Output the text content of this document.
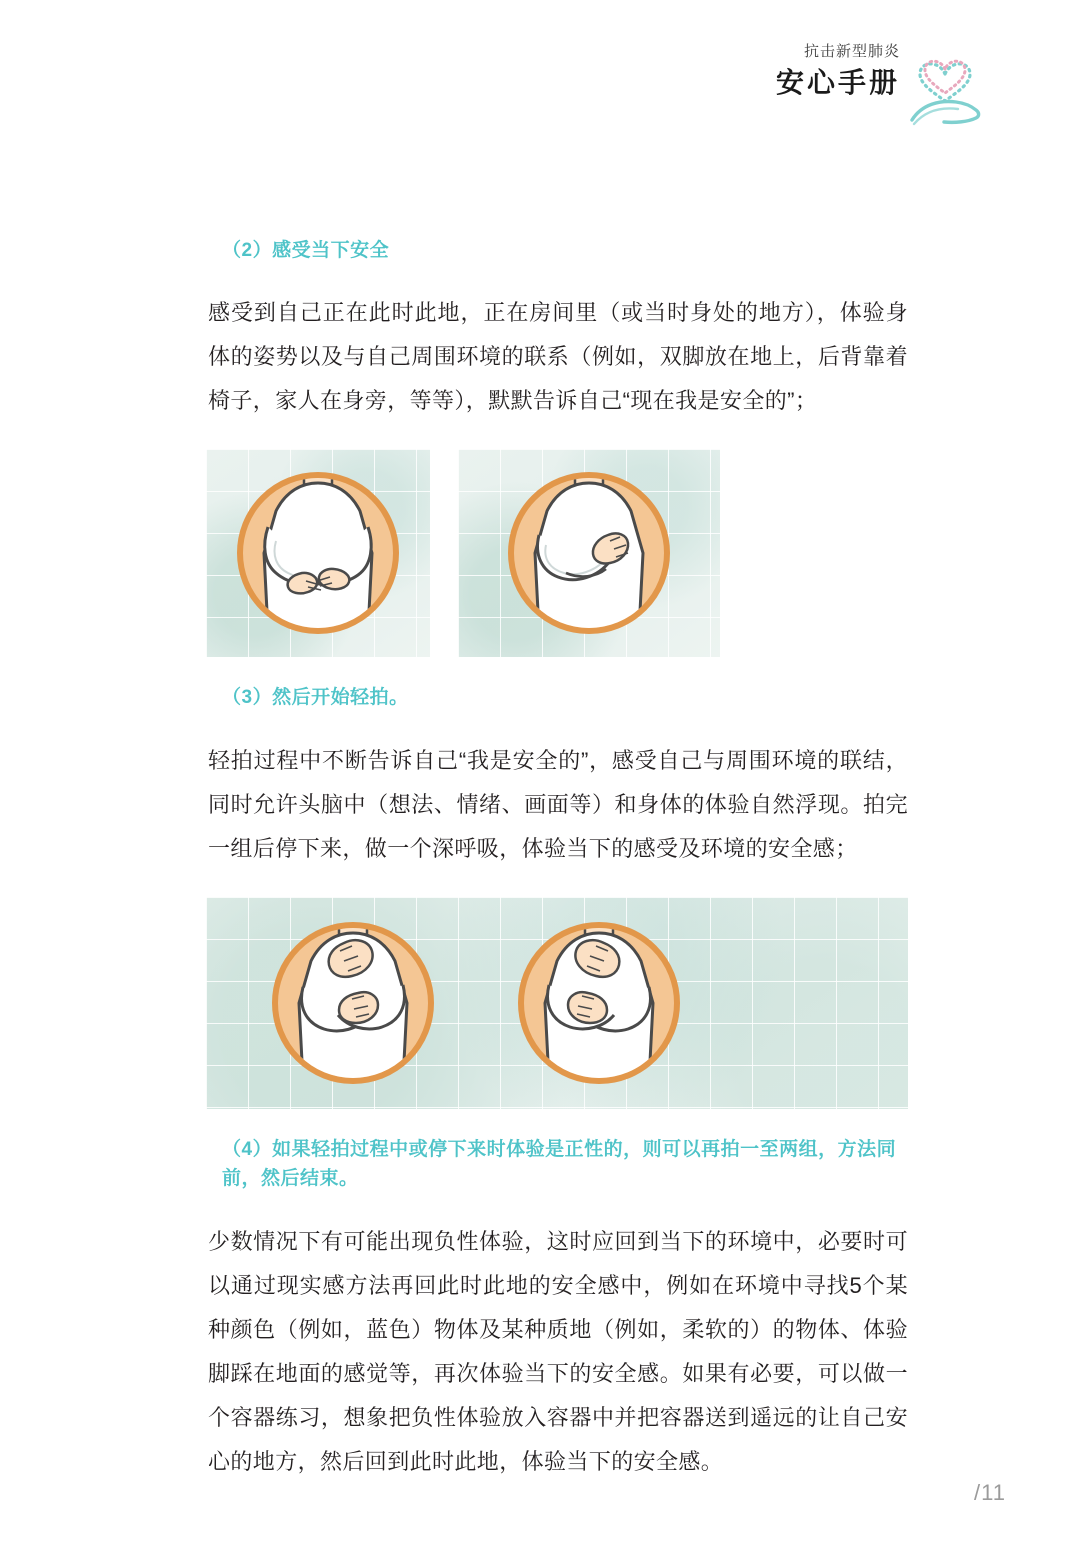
抗击新型肺炎
安心手册
（2）感受当下安全

感受到自己正在此时此地，正在房间里（或当时身处的地方），体验身体的姿势以及与自己周围环境的联系（例如，双脚放在地上，后背靠着椅子，家人在身旁，等等），默默告诉自己“现在我是安全的”；

（3）然后开始轻拍。

轻拍过程中不断告诉自己“我是安全的”，感受自己与周围环境的联结，同时允许头脑中（想法、情绪、画面等）和身体的体验自然浮现。拍完一组后停下来，做一个深呼吸，体验当下的感受及环境的安全感；

（4）如果轻拍过程中或停下来时体验是正性的，则可以再拍一至两组，方法同前，然后结束。

少数情况下有可能出现负性体验，这时应回到当下的环境中，必要时可以通过现实感方法再回此时此地的安全感中，例如在环境中寻找5个某种颜色（例如，蓝色）物体及某种质地（例如，柔软的）的物体、体验脚踩在地面的感觉等，再次体验当下的安全感。如果有必要，可以做一个容器练习，想象把负性体验放入容器中并把容器送到遥远的让自己安心的地方，然后回到此时此地，体验当下的安全感。

/11
